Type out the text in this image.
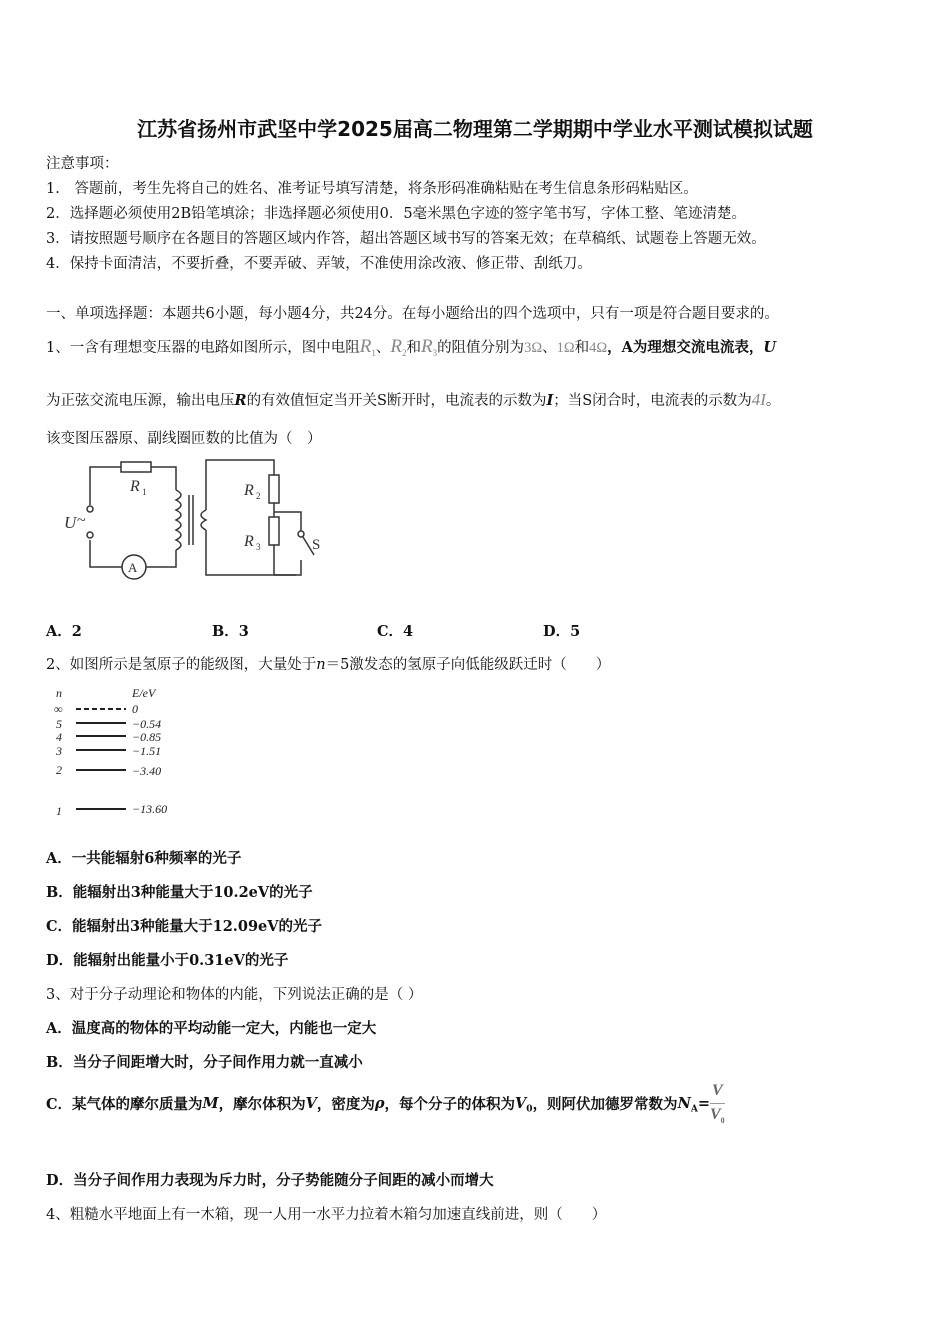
江苏省扬州市武坚中学2025届高二物理第二学期期中学业水平测试模拟试题
注意事项：
1.　答题前，考生先将自己的姓名、准考证号填写清楚，将条形码准确粘贴在考生信息条形码粘贴区。
2．选择题必须使用2B铅笔填涂；非选择题必须使用0．5毫米黑色字迹的签字笔书写，字体工整、笔迹清楚。
3．请按照题号顺序在各题目的答题区域内作答，超出答题区域书写的答案无效；在草稿纸、试题卷上答题无效。
4．保持卡面清洁，不要折叠，不要弄破、弄皱，不准使用涂改液、修正带、刮纸刀。
一、单项选择题：本题共6小题，每小题4分，共24分。在每小题给出的四个选项中，只有一项是符合题目要求的。
1、一含有理想变压器的电路如图所示，图中电阻$R_1$、$R_2$和$R_3$的阻值分别为3Ω、1Ω和4Ω，A为理想交流电流表，U
为正弦交流电压源，输出电压R的有效值恒定当开关S断开时，电流表的示数为I；当S闭合时，电流表的示数为4I。
该变图压器原、副线圈匝数的比值为（　）
R 1	R 2
R 3
U ~
A
S
A．2	B．3	C．4	D．5
2、如图所示是氢原子的能级图，大量处于n＝5激发态的氢原子向低能级跃迁时（　　）
n	E/eV
∞	0
5	−0.54
4	−0.85
3	−1.51
2	−3.40
1	−13.60
A．一共能辐射6种频率的光子
B．能辐射出3种能量大于10.2eV的光子
C．能辐射出3种能量大于12.09eV的光子
D．能辐射出能量小于0.31eV的光子
3、对于分子动理论和物体的内能，下列说法正确的是（ ）
A．温度高的物体的平均动能一定大，内能也一定大
B．当分子间距增大时，分子间作用力就一直减小
C．某气体的摩尔质量为M，摩尔体积为V，密度为ρ，每个分子的体积为$V_0$，则阿伏加德罗常数为$N_A= \frac{V}{V_0}$
D．当分子间作用力表现为斥力时，分子势能随分子间距的减小而增大
4、粗糙水平地面上有一木箱，现一人用一水平力拉着木箱匀加速直线前进，则（　　）
